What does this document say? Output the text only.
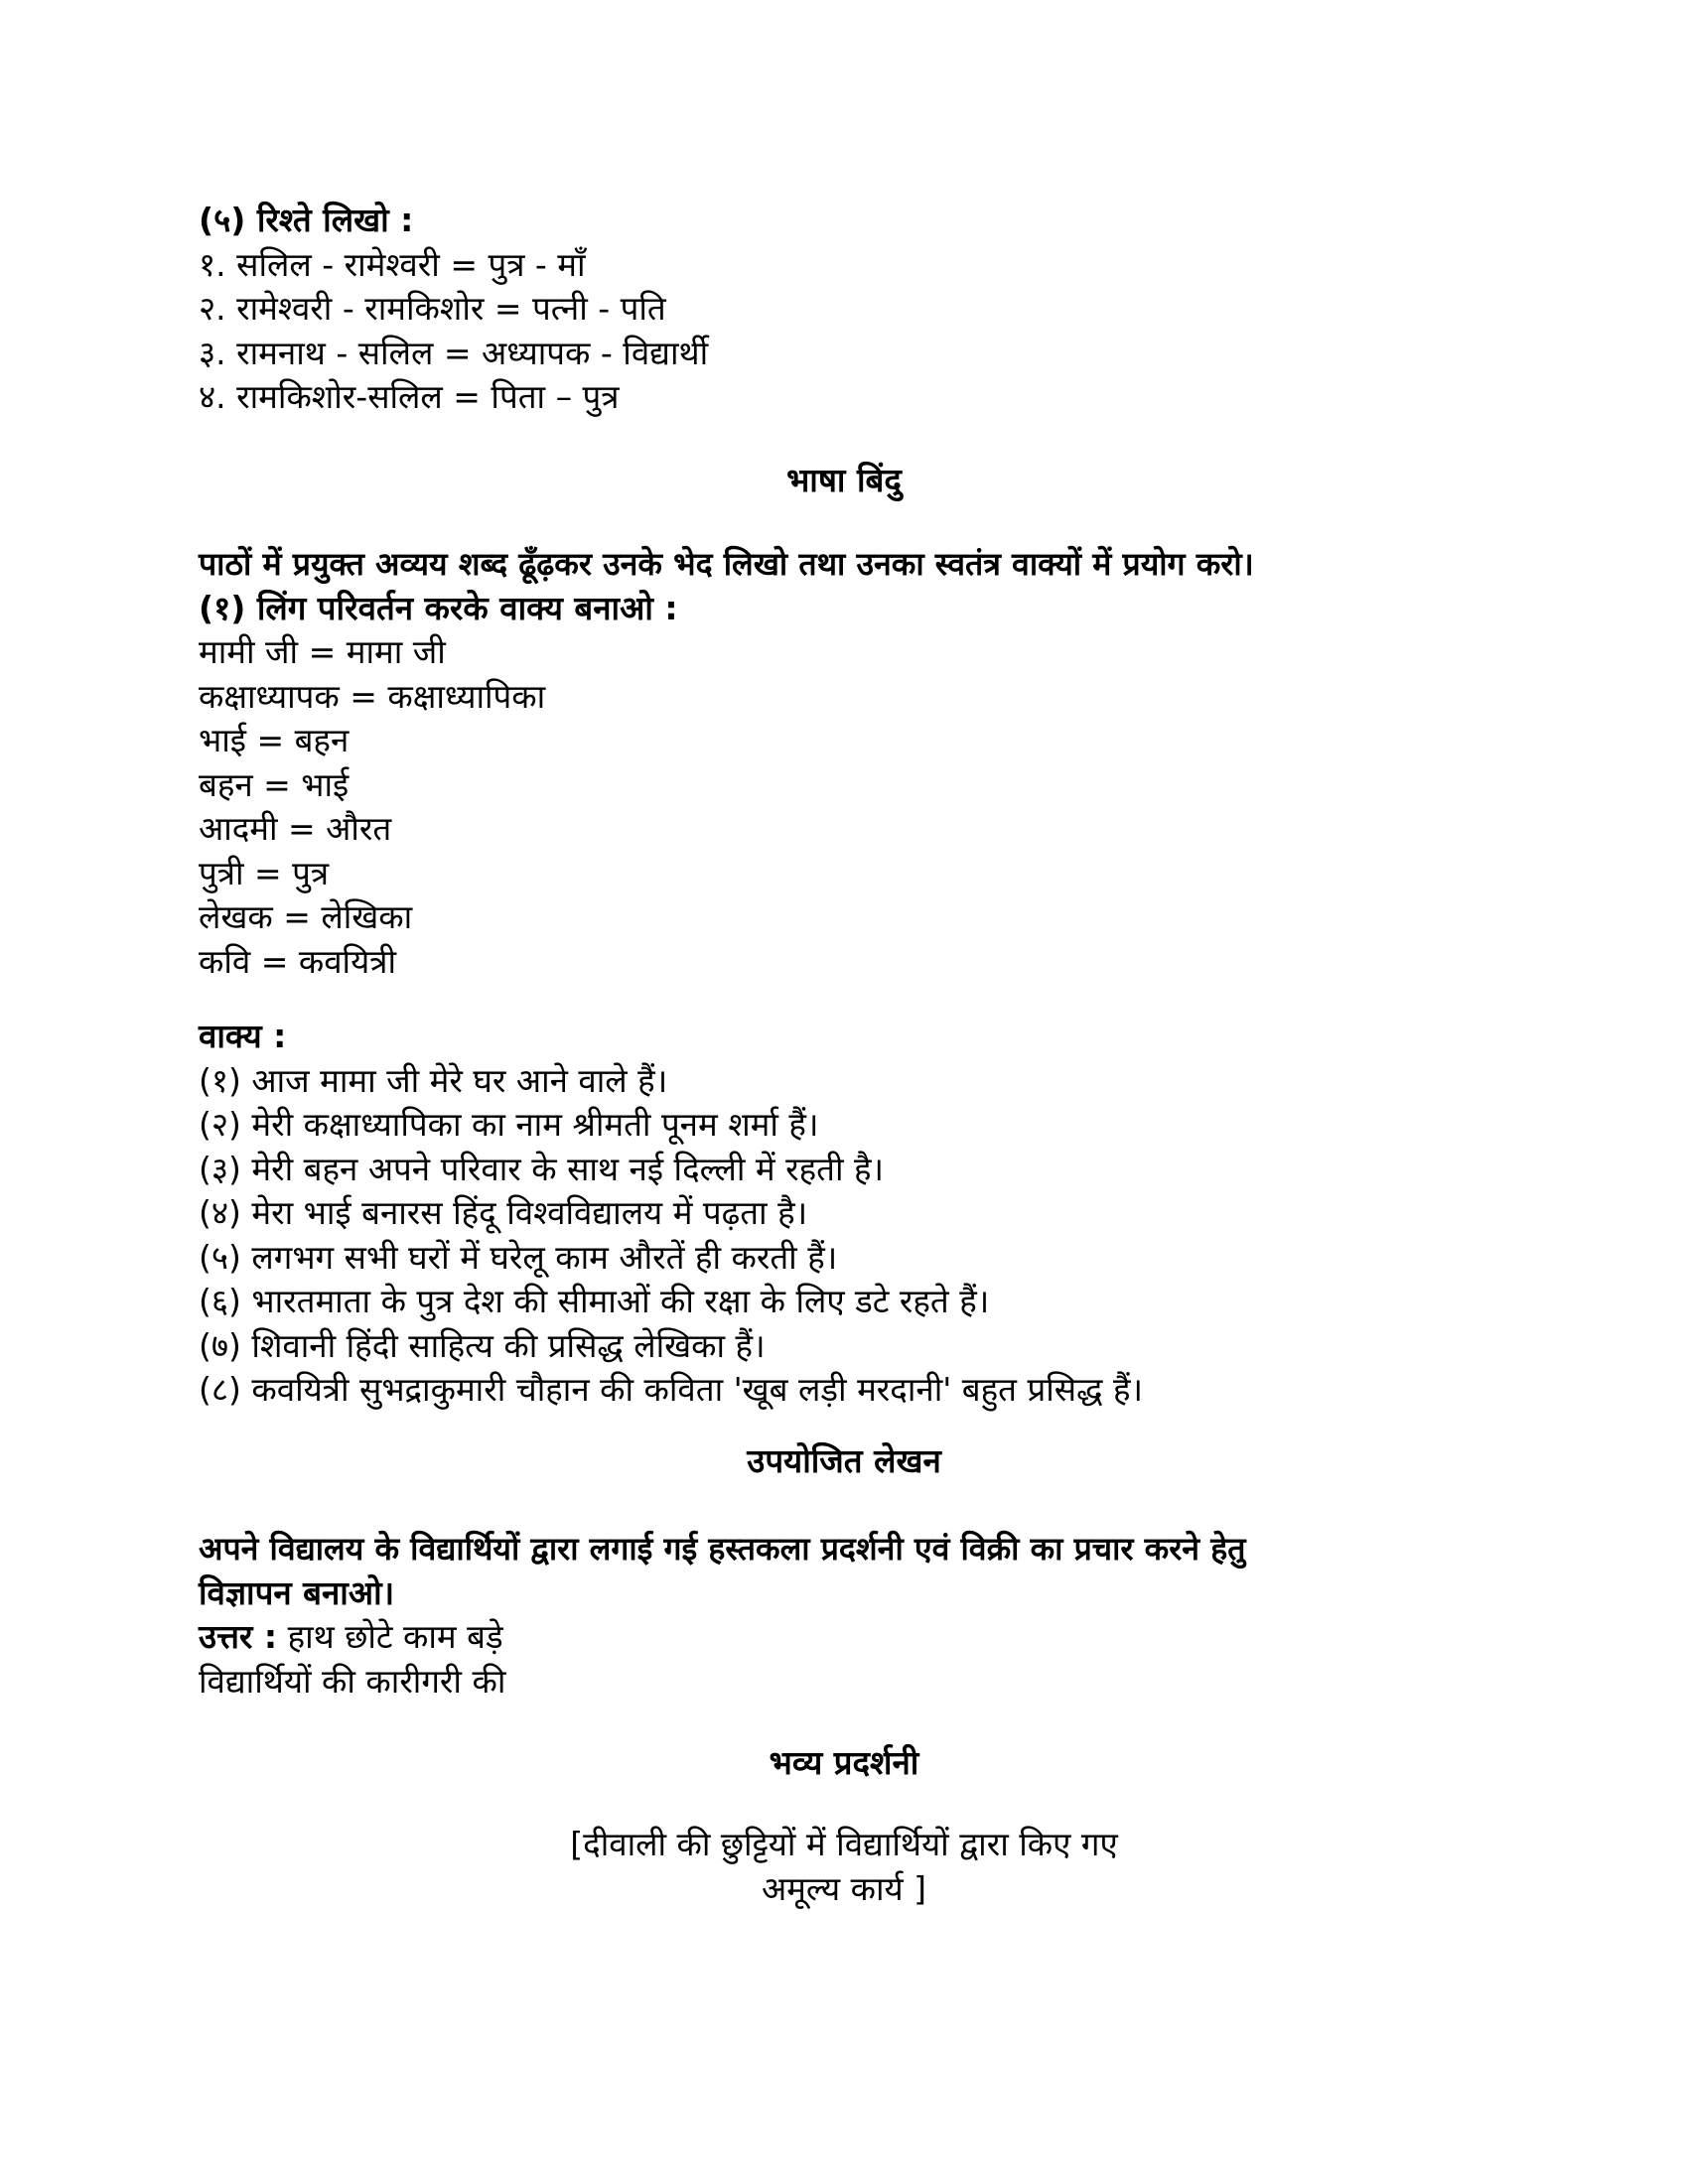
(५) रिश्ते लिखो :

१. सलिल - रामेश्वरी = पुत्र - माँ

२. रामेश्वरी - रामकिशोर = पत्नी - पति

३. रामनाथ - सलिल = अध्यापक - विद्यार्थी

४. रामकिशोर-सलिल = पिता – पुत्र

भाषा बिंदु

पाठों में प्रयुक्त अव्यय शब्द ढूँढ़कर उनके भेद लिखो तथा उनका स्वतंत्र वाक्यों में प्रयोग करो।

(१) लिंग परिवर्तन करके वाक्य बनाओ :

मामी जी = मामा जी

कक्षाध्यापक = कक्षाध्यापिका

भाई = बहन

बहन = भाई

आदमी = औरत

पुत्री = पुत्र

लेखक = लेखिका

कवि = कवयित्री

वाक्य :

(१) आज मामा जी मेरे घर आने वाले हैं।

(२) मेरी कक्षाध्यापिका का नाम श्रीमती पूनम शर्मा हैं।

(३) मेरी बहन अपने परिवार के साथ नई दिल्ली में रहती है।

(४) मेरा भाई बनारस हिंदू विश्वविद्यालय में पढ़ता है।

(५) लगभग सभी घरों में घरेलू काम औरतें ही करती हैं।

(६) भारतमाता के पुत्र देश की सीमाओं की रक्षा के लिए डटे रहते हैं।

(७) शिवानी हिंदी साहित्य की प्रसिद्ध लेखिका हैं।

(८) कवयित्री सुभद्राकुमारी चौहान की कविता 'खूब लड़ी मरदानी' बहुत प्रसिद्ध हैं।

उपयोजित लेखन

अपने विद्यालय के विद्यार्थियों द्वारा लगाई गई हस्तकला प्रदर्शनी एवं विक्री का प्रचार करने हेतु

विज्ञापन बनाओ।

उत्तर : हाथ छोटे काम बड़े

विद्यार्थियों की कारीगरी की

भव्य प्रदर्शनी

[दीवाली की छुट्टियों में विद्यार्थियों द्वारा किए गए

अमूल्य कार्य ]
